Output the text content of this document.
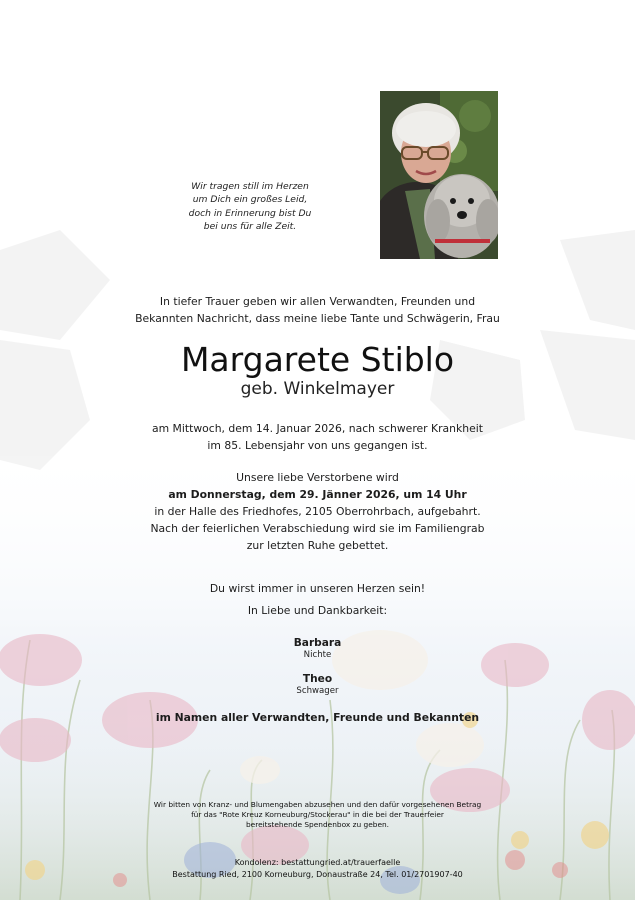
Wir tragen still im Herzen
um Dich ein großes Leid,
doch in Erinnerung bist Du
bei uns für alle Zeit.
In tiefer Trauer geben wir allen Verwandten, Freunden und
Bekannten Nachricht, dass meine liebe Tante und Schwägerin, Frau
Margarete Stiblo
geb. Winkelmayer
am Mittwoch, dem 14. Januar 2026, nach schwerer Krankheit
im 85. Lebensjahr von uns gegangen ist.
Unsere liebe Verstorbene wird
am Donnerstag, dem 29. Jänner 2026, um 14 Uhr
in der Halle des Friedhofes, 2105 Oberrohrbach, aufgebahrt.
Nach der feierlichen Verabschiedung wird sie im Familiengrab
zur letzten Ruhe gebettet.
Du wirst immer in unseren Herzen sein!
In Liebe und Dankbarkeit:
Barbara
Nichte
Theo
Schwager
im Namen aller Verwandten, Freunde und Bekannten
Wir bitten von Kranz- und Blumengaben abzusehen und den dafür vorgesehenen Betrag
für das "Rote Kreuz Korneuburg/Stockerau" in die bei der Trauerfeier
bereitstehende Spendenbox zu geben.
Kondolenz: bestattungried.at/trauerfaelle
Bestattung Ried, 2100 Korneuburg, Donaustraße 24, Tel. 01/2701907-40
